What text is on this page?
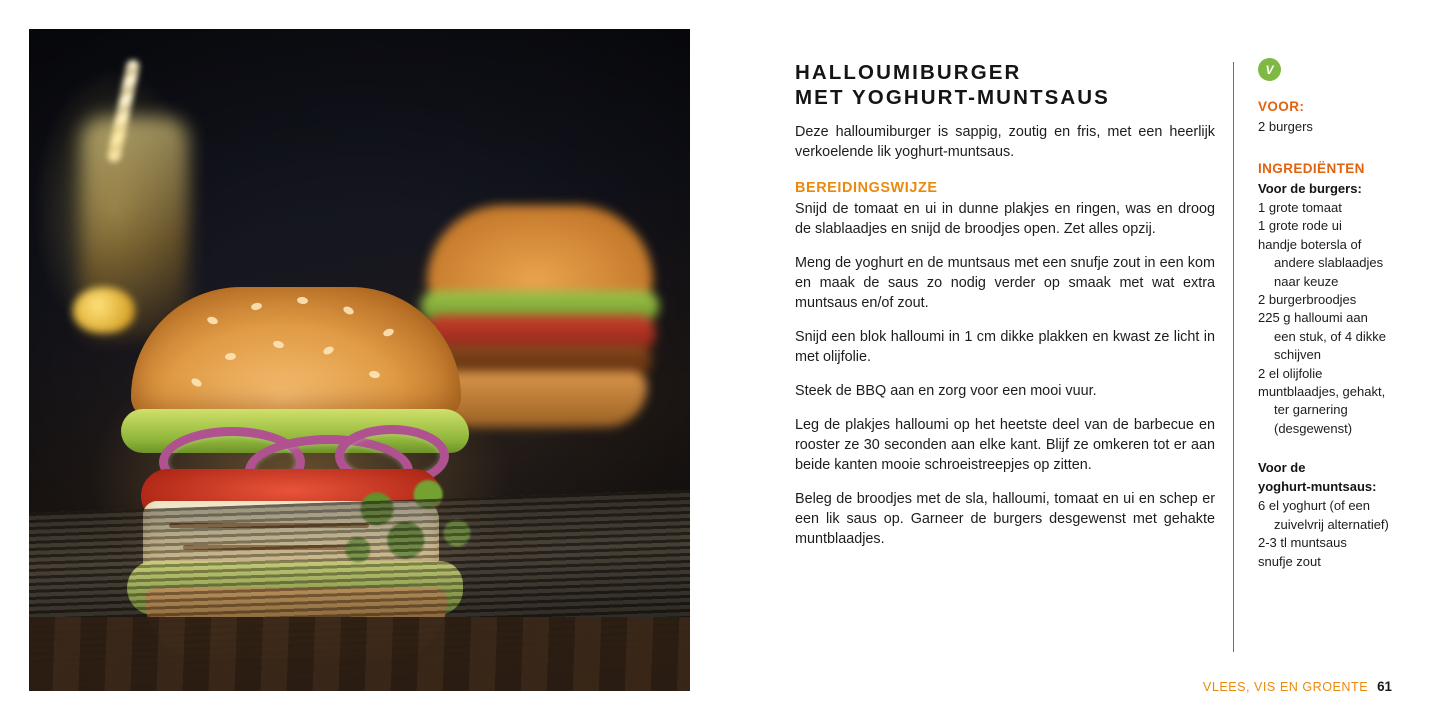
HALLOUMIBURGER
MET YOGHURT-MUNTSAUS

Deze halloumiburger is sappig, zoutig en fris, met een heerlijk verkoelende lik yoghurt-muntsaus.

BEREIDINGSWIJZE

Snijd de tomaat en ui in dunne plakjes en ringen, was en droog de slablaadjes en snijd de broodjes open. Zet alles opzij.

Meng de yoghurt en de muntsaus met een snufje zout in een kom en maak de saus zo nodig verder op smaak met wat extra muntsaus en/of zout.

Snijd een blok halloumi in 1 cm dikke plakken en kwast ze licht in met olijfolie.

Steek de BBQ aan en zorg voor een mooi vuur.

Leg de plakjes halloumi op het heetste deel van de barbecue en rooster ze 30 seconden aan elke kant. Blijf ze omkeren tot er aan beide kanten mooie schroeistreepjes op zitten.

Beleg de broodjes met de sla, halloumi, tomaat en ui en schep er een lik saus op. Garneer de burgers desgewenst met gehakte muntblaadjes.

V

VOOR:

2 burgers

INGREDIËNTEN

Voor de burgers:

1 grote tomaat
1 grote rode ui
handje botersla of
andere slablaadjes
naar keuze
2 burgerbroodjes
225 g halloumi aan
een stuk, of 4 dikke
schijven
2 el olijfolie
muntblaadjes, gehakt,
ter garnering
(desgewenst)

Voor de

yoghurt-muntsaus:

6 el yoghurt (of een
zuivelvrij alternatief)
2-3 tl muntsaus
snufje zout
VLEES, VIS EN GROENTE 61
